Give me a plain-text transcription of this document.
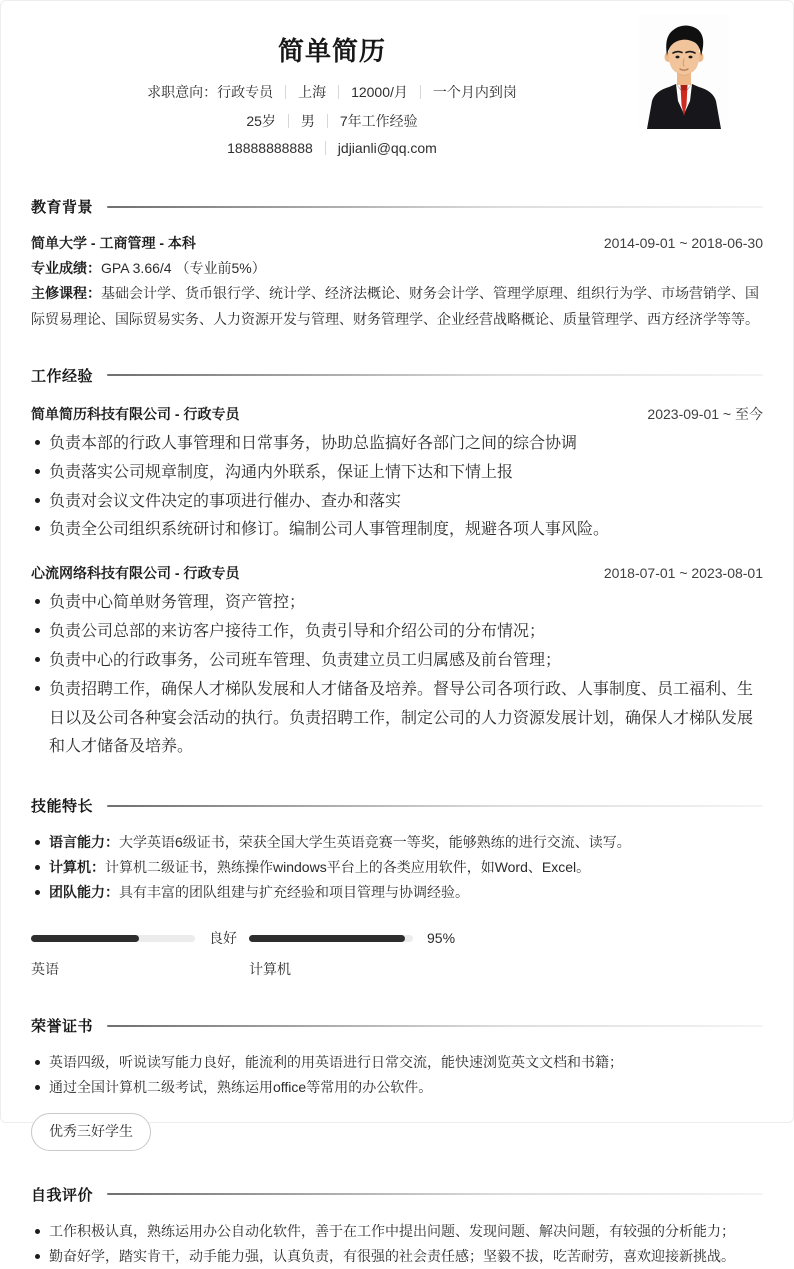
简单简历
求职意向： 行政专员 上海 12000/月 一个月内到岗
25岁 男 7年工作经验
18888888888 jdjianli@qq.com
教育背景
简单大学 - 工商管理 - 本科	2014-09-01 ~ 2018-06-30

专业成绩：GPA 3.66/4 （专业前5%）

主修课程：基础会计学、货币银行学、统计学、经济法概论、财务会计学、管理学原理、组织行为学、市场营销学、国际贸易理论、国际贸易实务、人力资源开发与管理、财务管理学、企业经营战略概论、质量管理学、西方经济学等等。

工作经验
简单简历科技有限公司 - 行政专员	2023-09-01 ~ 至今
负责本部的行政人事管理和日常事务，协助总监搞好各部门之间的综合协调
负责落实公司规章制度，沟通内外联系，保证上情下达和下情上报
负责对会议文件决定的事项进行催办、查办和落实
负责全公司组织系统研讨和修订。编制公司人事管理制度，规避各项人事风险。
心流网络科技有限公司 - 行政专员	2018-07-01 ~ 2023-08-01
负责中心简单财务管理，资产管控；
负责公司总部的来访客户接待工作，负责引导和介绍公司的分布情况；
负责中心的行政事务，公司班车管理、负责建立员工归属感及前台管理；
负责招聘工作，确保人才梯队发展和人才储备及培养。督导公司各项行政、人事制度、员工福利、生日以及公司各种宴会活动的执行。负责招聘工作，制定公司的人力资源发展计划，确保人才梯队发展和人才储备及培养。
技能特长
语言能力：大学英语6级证书，荣获全国大学生英语竞赛一等奖，能够熟练的进行交流、读写。
计算机：计算机二级证书，熟练操作windows平台上的各类应用软件，如Word、Excel。
团队能力：具有丰富的团队组建与扩充经验和项目管理与协调经验。
良好
英语
95%
计算机
荣誉证书
英语四级，听说读写能力良好，能流利的用英语进行日常交流，能快速浏览英文文档和书籍；
通过全国计算机二级考试，熟练运用office等常用的办公软件。
优秀三好学生
自我评价
工作积极认真，熟练运用办公自动化软件，善于在工作中提出问题、发现问题、解决问题，有较强的分析能力；
勤奋好学，踏实肯干，动手能力强，认真负责，有很强的社会责任感；坚毅不拔，吃苦耐劳，喜欢迎接新挑战。
